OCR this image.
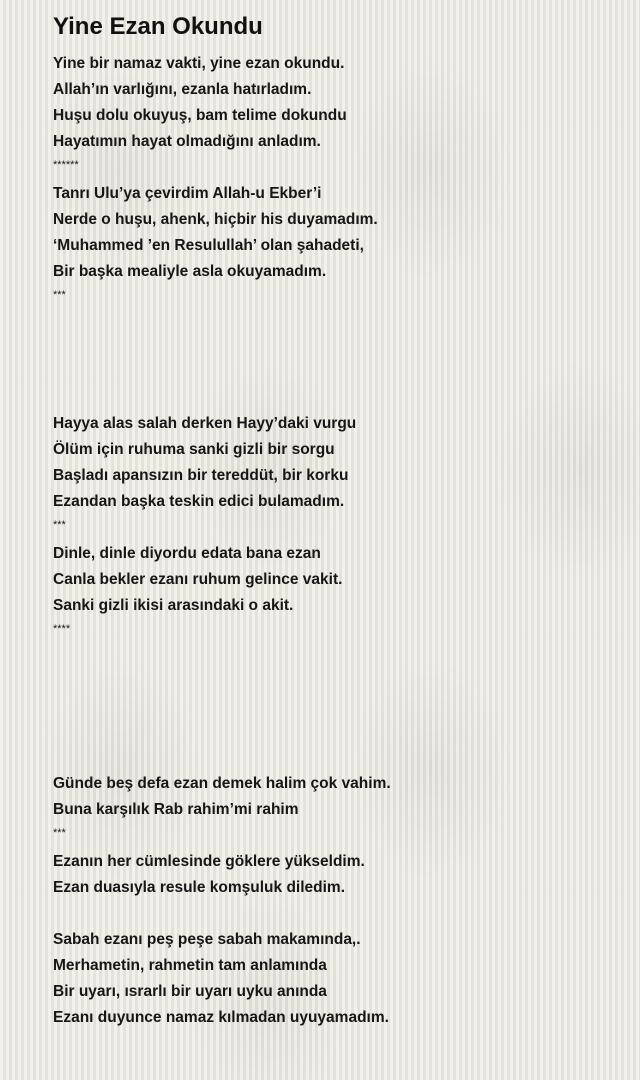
Yine Ezan Okundu
Yine bir namaz vakti, yine ezan okundu.
Allah’ın varlığını, ezanla hatırladım.
Huşu dolu okuyuş, bam telime dokundu
Hayatımın hayat olmadığını anladım.
******
Tanrı Ulu’ya çevirdim Allah-u Ekber’i
Nerde o huşu, ahenk, hiçbir his duyamadım.
‘Muhammed ’en Resulullah’ olan şahadeti,
Bir başka mealiyle asla okuyamadım.
***
Hayya alas salah derken Hayy’daki vurgu
Ölüm için ruhuma sanki gizli bir sorgu
Başladı apansızın bir tereddüt, bir korku
Ezandan başka teskin edici bulamadım.
***
Dinle, dinle diyordu edata bana ezan
Canla bekler ezanı ruhum gelince vakit.
Sanki gizli ikisi arasındaki o akit.
****
Günde beş defa ezan demek halim çok vahim.
Buna karşılık Rab rahim’mi rahim
***
Ezanın her cümlesinde göklere yükseldim.
Ezan duasıyla resule komşuluk diledim.
Sabah ezanı peş peşe sabah makamında,.
Merhametin, rahmetin tam anlamında
Bir uyarı, ısrarlı bir uyarı uyku anında
Ezanı duyunce namaz kılmadan uyuyamadım.
